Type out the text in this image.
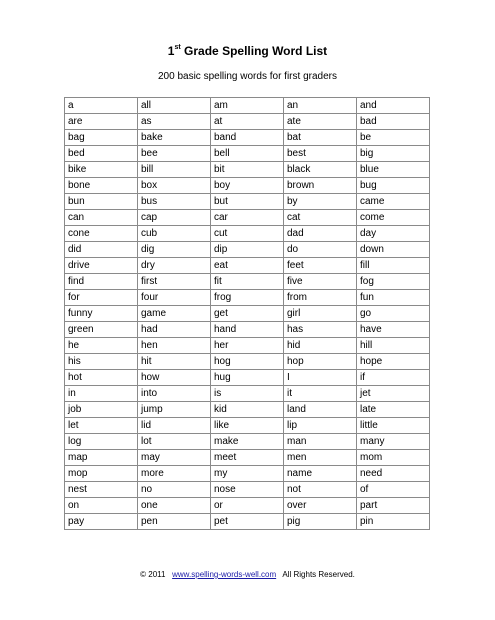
1st Grade Spelling Word List
200 basic spelling words for first graders
a	all	am	an	and
are	as	at	ate	bad
bag	bake	band	bat	be
bed	bee	bell	best	big
bike	bill	bit	black	blue
bone	box	boy	brown	bug
bun	bus	but	by	came
can	cap	car	cat	come
cone	cub	cut	dad	day
did	dig	dip	do	down
drive	dry	eat	feet	fill
find	first	fit	five	fog
for	four	frog	from	fun
funny	game	get	girl	go
green	had	hand	has	have
he	hen	her	hid	hill
his	hit	hog	hop	hope
hot	how	hug	I	if
in	into	is	it	jet
job	jump	kid	land	late
let	lid	like	lip	little
log	lot	make	man	many
map	may	meet	men	mom
mop	more	my	name	need
nest	no	nose	not	of
on	one	or	over	part
pay	pen	pet	pig	pin
© 2011 www.spelling-words-well.com All Rights Reserved.
